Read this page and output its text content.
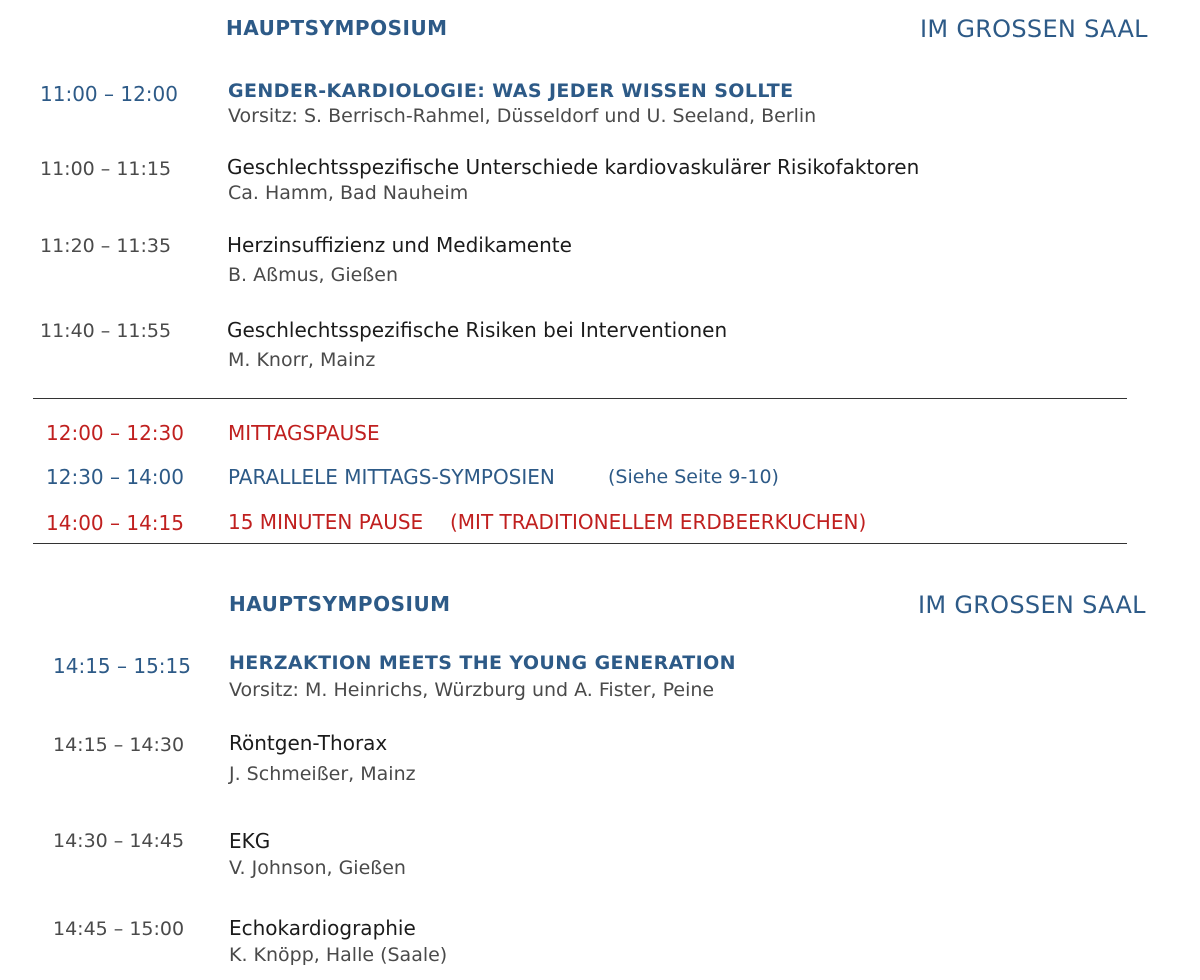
HAUPTSYMPOSIUM	IM GROSSEN SAAL
11:00 – 12:00	GENDER-KARDIOLOGIE: WAS JEDER WISSEN SOLLTE
Vorsitz: S. Berrisch-Rahmel, Düsseldorf und U. Seeland, Berlin
11:00 – 11:15	Geschlechtsspezifische Unterschiede kardiovaskulärer Risikofaktoren
Ca. Hamm, Bad Nauheim
11:20 – 11:35	Herzinsuffizienz und Medikamente
B. Aßmus, Gießen
11:40 – 11:55	Geschlechtsspezifische Risiken bei Interventionen
M. Knorr, Mainz
12:00 – 12:30 MITTAGSPAUSE
12:30 – 14:00 PARALLELE MITTAGS-SYMPOSIEN	(Siehe Seite 9-10)
14:00 – 14:15 15 MINUTEN PAUSE (MIT TRADITIONELLEM ERDBEERKUCHEN)
HAUPTSYMPOSIUM	IM GROSSEN SAAL
14:15 – 15:15 HERZAKTION MEETS THE YOUNG GENERATION
Vorsitz: M. Heinrichs, Würzburg und A. Fister, Peine
14:15 – 14:30 Röntgen-Thorax
J. Schmeißer, Mainz
14:30 – 14:45 EKG
V. Johnson, Gießen
14:45 – 15:00 Echokardiographie
K. Knöpp, Halle (Saale)
